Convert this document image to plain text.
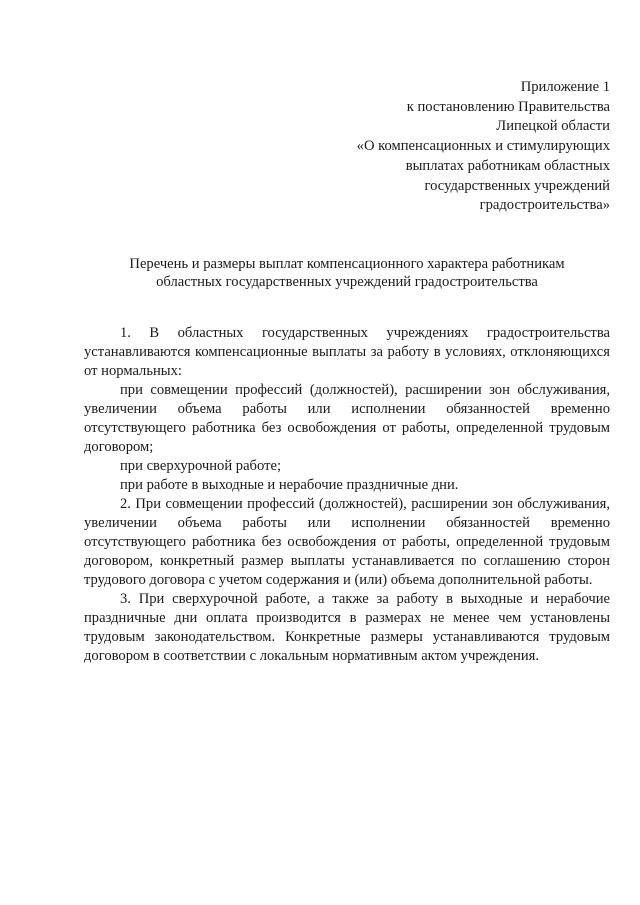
Приложение 1
к постановлению Правительства
Липецкой области
«О компенсационных и стимулирующих
выплатах работникам областных
государственных учреждений
градостроительства»
Перечень и размеры выплат компенсационного характера работникам
областных государственных учреждений градостроительства

1. В областных государственных учреждениях градостроительства устанавливаются компенсационные выплаты за работу в условиях, отклоняющихся от нормальных:

при совмещении профессий (должностей), расширении зон обслуживания, увеличении объема работы или исполнении обязанностей временно отсутствующего работника без освобождения от работы, определенной трудовым договором;

при сверхурочной работе;

при работе в выходные и нерабочие праздничные дни.

2. При совмещении профессий (должностей), расширении зон обслуживания, увеличении объема работы или исполнении обязанностей временно отсутствующего работника без освобождения от работы, определенной трудовым договором, конкретный размер выплаты устанавливается по соглашению сторон трудового договора с учетом содержания и (или) объема дополнительной работы.

3. При сверхурочной работе, а также за работу в выходные и нерабочие праздничные дни оплата производится в размерах не менее чем установлены трудовым законодательством. Конкретные размеры устанавливаются трудовым договором в соответствии с локальным нормативным актом учреждения.
